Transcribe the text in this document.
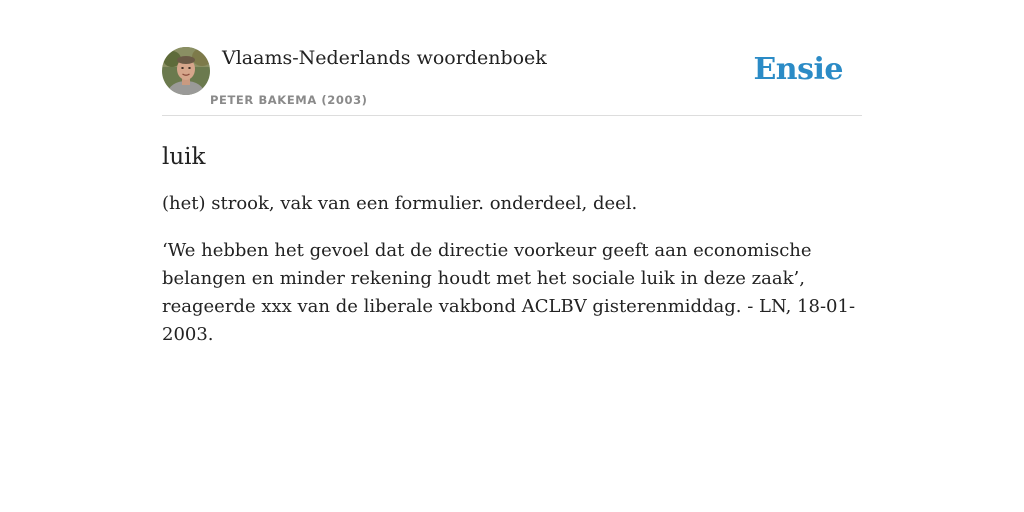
Vlaams-Nederlands woordenboek
PETER BAKEMA (2003)
Ensie
luik

(het) strook, vak van een formulier. onderdeel, deel.

‘We hebben het gevoel dat de directie voorkeur geeft aan economische belangen en minder rekening houdt met het sociale luik in deze zaak’, reageerde xxx van de liberale vakbond ACLBV gisterenmiddag. - LN, 18-01-2003.
